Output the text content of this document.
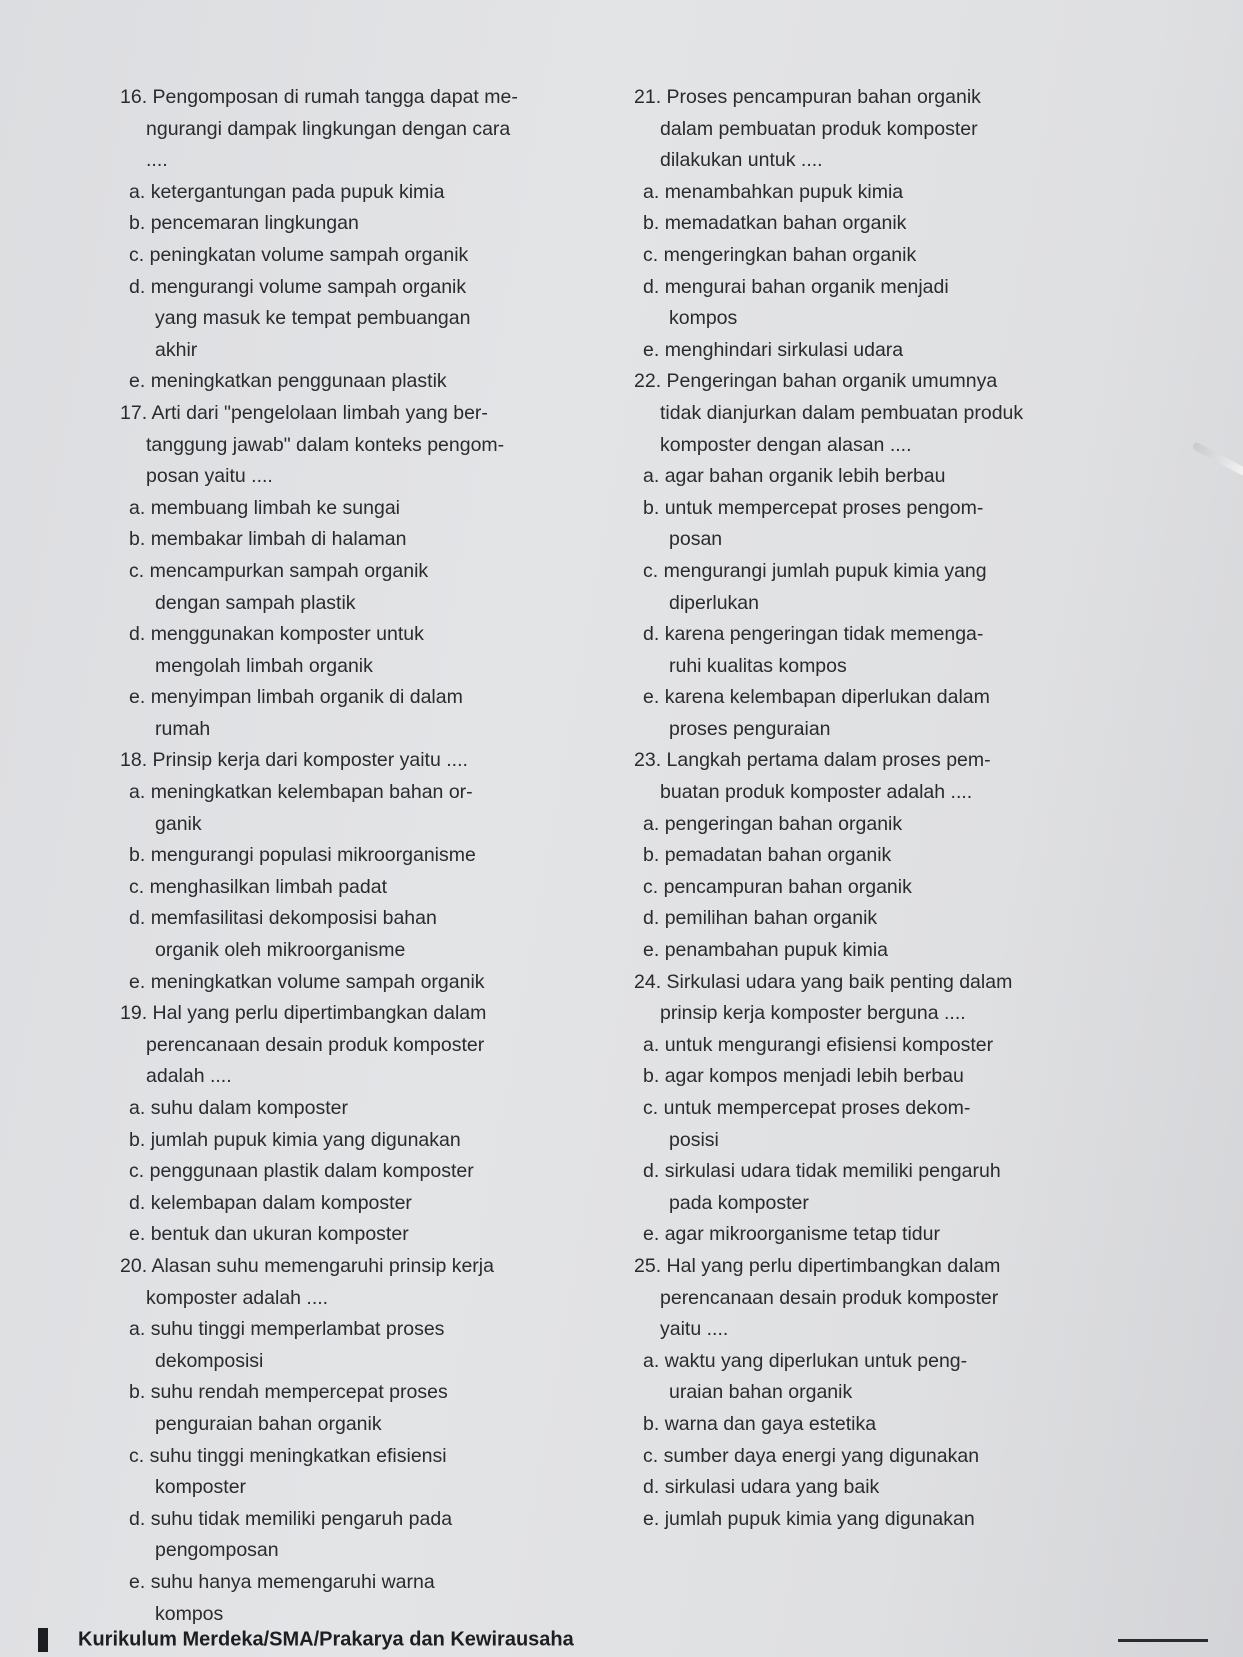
16. Pengomposan di rumah tangga dapat me-
ngurangi dampak lingkungan dengan cara
....
a. ketergantungan pada pupuk kimia
b. pencemaran lingkungan
c. peningkatan volume sampah organik
d. mengurangi volume sampah organik
yang masuk ke tempat pembuangan
akhir
e. meningkatkan penggunaan plastik
17. Arti dari "pengelolaan limbah yang ber-
tanggung jawab" dalam konteks pengom-
posan yaitu ....
a. membuang limbah ke sungai
b. membakar limbah di halaman
c. mencampurkan sampah organik
dengan sampah plastik
d. menggunakan komposter untuk
mengolah limbah organik
e. menyimpan limbah organik di dalam
rumah
18. Prinsip kerja dari komposter yaitu ....
a. meningkatkan kelembapan bahan or-
ganik
b. mengurangi populasi mikroorganisme
c. menghasilkan limbah padat
d. memfasilitasi dekomposisi bahan
organik oleh mikroorganisme
e. meningkatkan volume sampah organik
19. Hal yang perlu dipertimbangkan dalam
perencanaan desain produk komposter
adalah ....
a. suhu dalam komposter
b. jumlah pupuk kimia yang digunakan
c. penggunaan plastik dalam komposter
d. kelembapan dalam komposter
e. bentuk dan ukuran komposter
20. Alasan suhu memengaruhi prinsip kerja
komposter adalah ....
a. suhu tinggi memperlambat proses
dekomposisi
b. suhu rendah mempercepat proses
penguraian bahan organik
c. suhu tinggi meningkatkan efisiensi
komposter
d. suhu tidak memiliki pengaruh pada
pengomposan
e. suhu hanya memengaruhi warna
kompos
21. Proses pencampuran bahan organik
dalam pembuatan produk komposter
dilakukan untuk ....
a. menambahkan pupuk kimia
b. memadatkan bahan organik
c. mengeringkan bahan organik
d. mengurai bahan organik menjadi
kompos
e. menghindari sirkulasi udara
22. Pengeringan bahan organik umumnya
tidak dianjurkan dalam pembuatan produk
komposter dengan alasan ....
a. agar bahan organik lebih berbau
b. untuk mempercepat proses pengom-
posan
c. mengurangi jumlah pupuk kimia yang
diperlukan
d. karena pengeringan tidak memenga-
ruhi kualitas kompos
e. karena kelembapan diperlukan dalam
proses penguraian
23. Langkah pertama dalam proses pem-
buatan produk komposter adalah ....
a. pengeringan bahan organik
b. pemadatan bahan organik
c. pencampuran bahan organik
d. pemilihan bahan organik
e. penambahan pupuk kimia
24. Sirkulasi udara yang baik penting dalam
prinsip kerja komposter berguna ....
a. untuk mengurangi efisiensi komposter
b. agar kompos menjadi lebih berbau
c. untuk mempercepat proses dekom-
posisi
d. sirkulasi udara tidak memiliki pengaruh
pada komposter
e. agar mikroorganisme tetap tidur
25. Hal yang perlu dipertimbangkan dalam
perencanaan desain produk komposter
yaitu ....
a. waktu yang diperlukan untuk peng-
uraian bahan organik
b. warna dan gaya estetika
c. sumber daya energi yang digunakan
d. sirkulasi udara yang baik
e. jumlah pupuk kimia yang digunakan
Kurikulum Merdeka/SMA/Prakarya dan Kewirausaha
